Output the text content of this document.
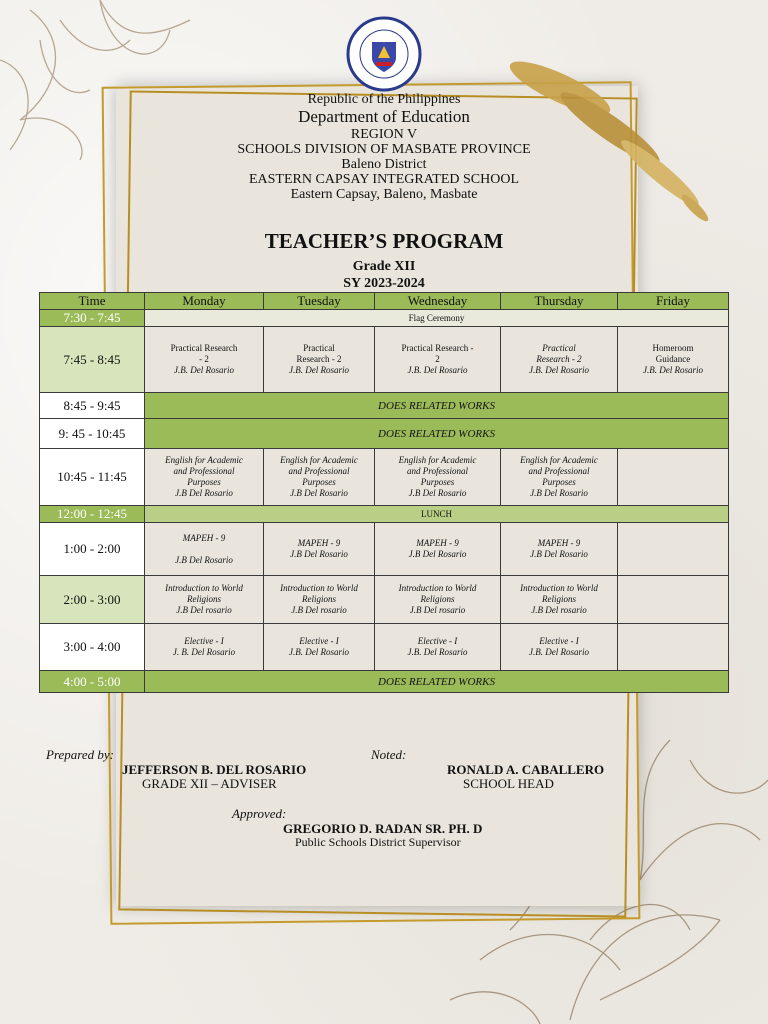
Republic of the Philippines
Department of Education
REGION V
SCHOOLS DIVISION OF MASBATE PROVINCE
Baleno District
EASTERN CAPSAY INTEGRATED SCHOOL
Eastern Capsay, Baleno, Masbate
TEACHER’S PROGRAM
Grade XII
SY 2023-2024
Time	Monday	Tuesday	Wednesday	Thursday	Friday
7:30 - 7:45	Flag Ceremony				
7:45 - 8:45	Practical Research
- 2
J.B. Del Rosario	Practical
Research - 2
J.B. Del Rosario	Practical Research -
2
J.B. Del Rosario	Practical
Research - 2
J.B. Del Rosario	Homeroom
Guidance
J.B. Del Rosario

8:45 - 9:45	DOES RELATED WORKS				
9: 45 - 10:45	DOES RELATED WORKS				
10:45 - 11:45	English for Academic
and Professional
Purposes
J.B Del Rosario	English for Academic
and Professional
Purposes
J.B Del Rosario	English for Academic
and Professional
Purposes
J.B Del Rosario	English for Academic
and Professional
Purposes
J.B Del Rosario	

12:00 - 12:45	LUNCH				
1:00 - 2:00	MAPEH - 9

J.B Del Rosario	MAPEH - 9
J.B Del Rosario	MAPEH - 9
J.B Del Rosario	MAPEH - 9
J.B Del Rosario	

2:00 - 3:00	Introduction to World
Religions
J.B Del rosario	Introduction to World
Religions
J.B Del rosario	Introduction to World
Religions
J.B Del rosario	Introduction to World
Religions
J.B Del rosario	

3:00 - 4:00	Elective - I
J. B. Del Rosario	Elective - I
J.B. Del Rosario	Elective - I
J.B. Del Rosario	Elective - I
J.B. Del Rosario	

4:00 - 5:00	DOES RELATED WORKS				
Prepared by:
JEFFERSON B. DEL ROSARIO
GRADE XII – ADVISER
Noted:
RONALD A. CABALLERO
SCHOOL HEAD
Approved:
GREGORIO D. RADAN SR. PH. D
Public Schools District Supervisor
